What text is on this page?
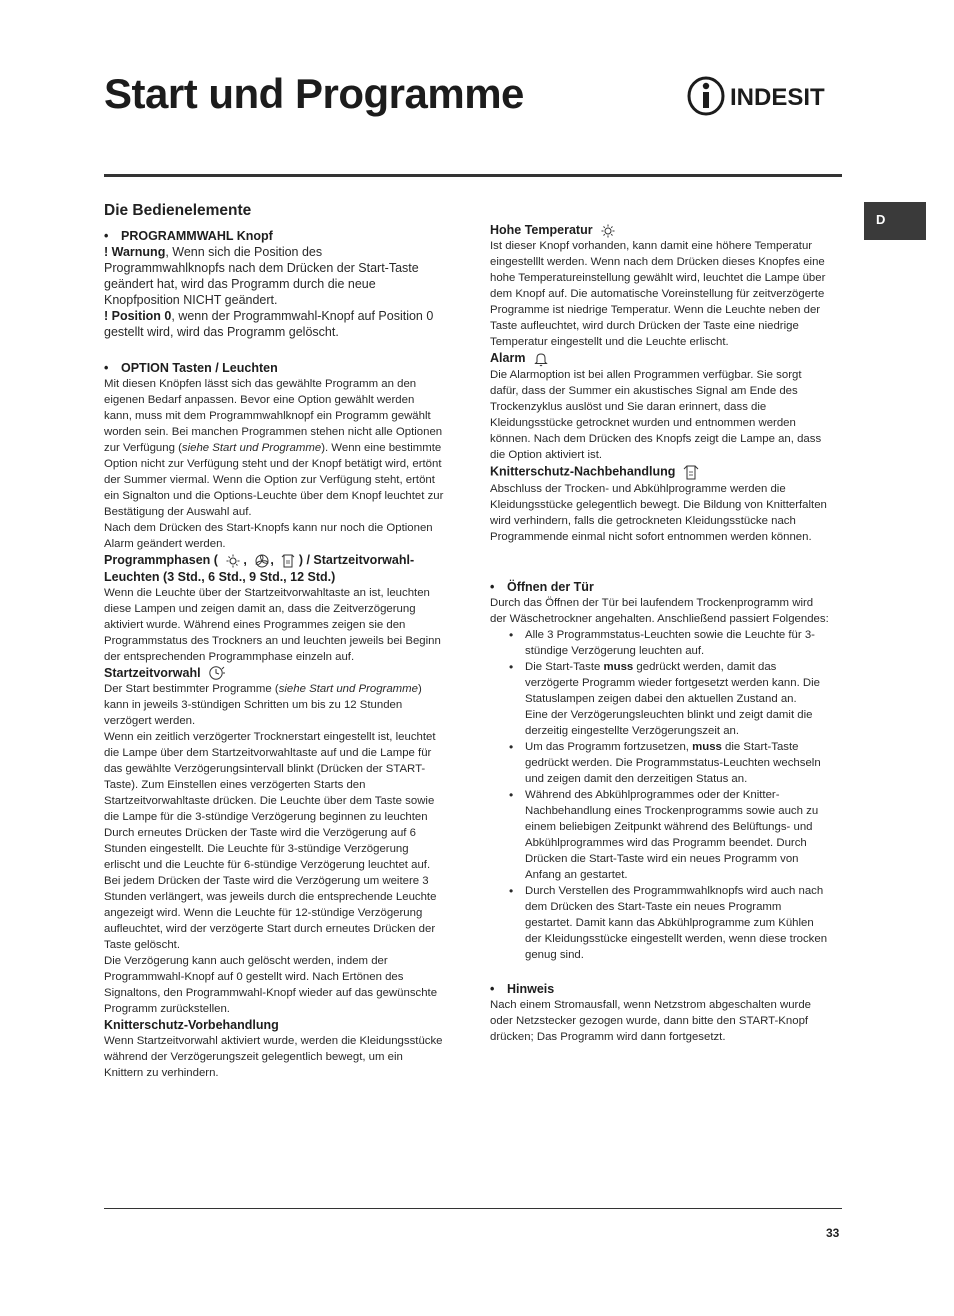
Start und Programme	INDESIT
D
Die Bedienelemente
• PROGRAMMWAHL Knopf

! Warnung, Wenn sich die Position des Programmwahlknopfs nach dem Drücken der Start-Taste geändert hat, wird das Programm durch die neue Knopfposition NICHT geändert.

! Position 0, wenn der Programmwahl-Knopf auf Position 0 gestellt wird, wird das Programm gelöscht.

• OPTION Tasten / Leuchten

Mit diesen Knöpfen lässt sich das gewählte Programm an den eigenen Bedarf anpassen. Bevor eine Option gewählt werden kann, muss mit dem Programmwahlknopf ein Programm gewählt worden sein. Bei manchen Programmen stehen nicht alle Optionen zur Verfügung (siehe Start und Programme). Wenn eine bestimmte Option nicht zur Verfügung steht und der Knopf betätigt wird, ertönt der Summer viermal. Wenn die Option zur Verfügung steht, ertönt ein Signalton und die Options-Leuchte über dem Knopf leuchtet zur Bestätigung der Auswahl auf.

Nach dem Drücken des Start-Knopfs kann nur noch die Optionen Alarm geändert werden.

Programmphasen ( , , ) / Startzeitvorwahl-
Leuchten (3 Std., 6 Std., 9 Std., 12 Std.)

Wenn die Leuchte über der Startzeitvorwahltaste an ist, leuchten diese Lampen und zeigen damit an, dass die Zeitverzögerung aktiviert wurde. Während eines Programmes zeigen sie den Programmstatus des Trockners an und leuchten jeweils bei Beginn der entsprechenden Programmphase einzeln auf.

Startzeitvorwahl

Der Start bestimmter Programme (siehe Start und Programme) kann in jeweils 3-stündigen Schritten um bis zu 12 Stunden verzögert werden.

Wenn ein zeitlich verzögerter Trocknerstart eingestellt ist, leuchtet die Lampe über dem Startzeitvorwahltaste auf und die Lampe für das gewählte Verzögerungsintervall blinkt (Drücken der START- Taste). Zum Einstellen eines verzögerten Starts den Startzeitvorwahltaste drücken. Die Leuchte über dem Taste sowie die Lampe für die 3-stündige Verzögerung beginnen zu leuchten Durch erneutes Drücken der Taste wird die Verzögerung auf 6 Stunden eingestellt. Die Leuchte für 3-stündige Verzögerung erlischt und die Leuchte für 6-stündige Verzögerung leuchtet auf. Bei jedem Drücken der Taste wird die Verzögerung um weitere 3 Stunden verlängert, was jeweils durch die entsprechende Leuchte angezeigt wird. Wenn die Leuchte für 12-stündige Verzögerung aufleuchtet, wird der verzögerte Start durch erneutes Drücken der Taste gelöscht.

Die Verzögerung kann auch gelöscht werden, indem der Programmwahl-Knopf auf 0 gestellt wird. Nach Ertönen des Signaltons, den Programmwahl-Knopf wieder auf das gewünschte Programm zurückstellen.

Knitterschutz-Vorbehandlung

Wenn Startzeitvorwahl aktiviert wurde, werden die Kleidungsstücke während der Verzögerungszeit gelegentlich bewegt, um ein Knittern zu verhindern.

Hohe Temperatur

Ist dieser Knopf vorhanden, kann damit eine höhere Temperatur eingestelllt werden. Wenn nach dem Drücken dieses Knopfes eine hohe Temperatureinstellung gewählt wird, leuchtet die Lampe über dem Knopf auf. Die automatische Voreinstellung für zeitverzögerte Programme ist niedrige Temperatur. Wenn die Leuchte neben der Taste aufleuchtet, wird durch Drücken der Taste eine niedrige Temperatur eingestellt und die Leuchte erlischt.

Alarm

Die Alarmoption ist bei allen Programmen verfügbar. Sie sorgt dafür, dass der Summer ein akustisches Signal am Ende des Trockenzyklus auslöst und Sie daran erinnert, dass die Kleidungsstücke getrocknet wurden und entnommen werden können. Nach dem Drücken des Knopfs zeigt die Lampe an, dass die Option aktiviert ist.

Knitterschutz-Nachbehandlung

Abschluss der Trocken- und Abkühlprogramme werden die Kleidungsstücke gelegentlich bewegt. Die Bildung von Knitterfalten wird verhindern, falls die getrockneten Kleidungsstücke nach Programmende einmal nicht sofort entnommen werden können.

• Öffnen der Tür

Durch das Öffnen der Tür bei laufendem Trockenprogramm wird der Wäschetrockner angehalten. Anschließend passiert Folgendes:

• Alle 3 Programmstatus-Leuchten sowie die Leuchte für 3-stündige Verzögerung leuchten auf.
• Die Start-Taste muss gedrückt werden, damit das verzögerte Programm wieder fortgesetzt werden kann. Die Statuslampen zeigen dabei den aktuellen Zustand an.
Eine der Verzögerungsleuchten blinkt und zeigt damit die derzeitig eingestellte Verzögerungszeit an.
• Um das Programm fortzusetzen, muss die Start-Taste gedrückt werden. Die Programmstatus-Leuchten wechseln und zeigen damit den derzeitigen Status an.
• Während des Abkühlprogrammes oder der Knitter-Nachbehandlung eines Trockenprogramms sowie auch zu einem beliebigen Zeitpunkt während des Belüftungs- und Abkühlprogrammes wird das Programm beendet. Durch Drücken die Start-Taste wird ein neues Programm von Anfang an gestartet.
• Durch Verstellen des Programmwahlknopfs wird auch nach dem Drücken des Start-Taste ein neues Programm gestartet. Damit kann das Abkühlprogramme zum Kühlen der Kleidungsstücke eingestellt werden, wenn diese trocken genug sind.
• Hinweis

Nach einem Stromausfall, wenn Netzstrom abgeschalten wurde oder Netzstecker gezogen wurde, dann bitte den START-Knopf drücken; Das Programm wird dann fortgesetzt.

33
